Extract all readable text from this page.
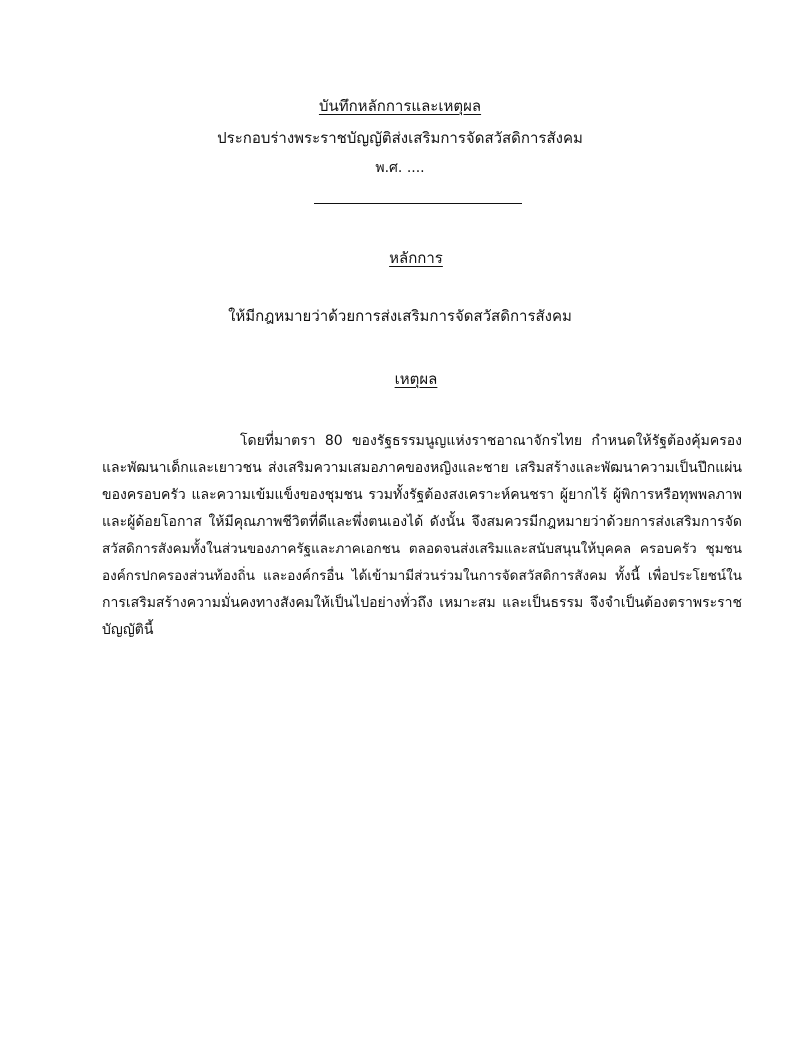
บันทึกหลักการและเหตุผล
ประกอบร่างพระราชบัญญัติส่งเสริมการจัดสวัสดิการสังคม
พ.ศ. ....
หลักการ
ให้มีกฎหมายว่าด้วยการส่งเสริมการจัดสวัสดิการสังคม
เหตุผล
โดยที่มาตรา 80 ของรัฐธรรมนูญแห่งราชอาณาจักรไทย กำหนดให้รัฐต้องคุ้มครอง
และพัฒนาเด็กและเยาวชน ส่งเสริมความเสมอภาคของหญิงและชาย เสริมสร้างและพัฒนาความเป็นปึกแผ่น
ของครอบครัว และความเข้มแข็งของชุมชน รวมทั้งรัฐต้องสงเคราะห์คนชรา ผู้ยากไร้ ผู้พิการหรือทุพพลภาพ
และผู้ด้อยโอกาส ให้มีคุณภาพชีวิตที่ดีและพึ่งตนเองได้ ดังนั้น จึงสมควรมีกฎหมายว่าด้วยการส่งเสริมการจัด
สวัสดิการสังคมทั้งในส่วนของภาครัฐและภาคเอกชน ตลอดจนส่งเสริมและสนับสนุนให้บุคคล ครอบครัว ชุมชน
องค์กรปกครองส่วนท้องถิ่น และองค์กรอื่น ได้เข้ามามีส่วนร่วมในการจัดสวัสดิการสังคม ทั้งนี้ เพื่อประโยชน์ใน
การเสริมสร้างความมั่นคงทางสังคมให้เป็นไปอย่างทั่วถึง เหมาะสม และเป็นธรรม จึงจำเป็นต้องตราพระราช
บัญญัตินี้
